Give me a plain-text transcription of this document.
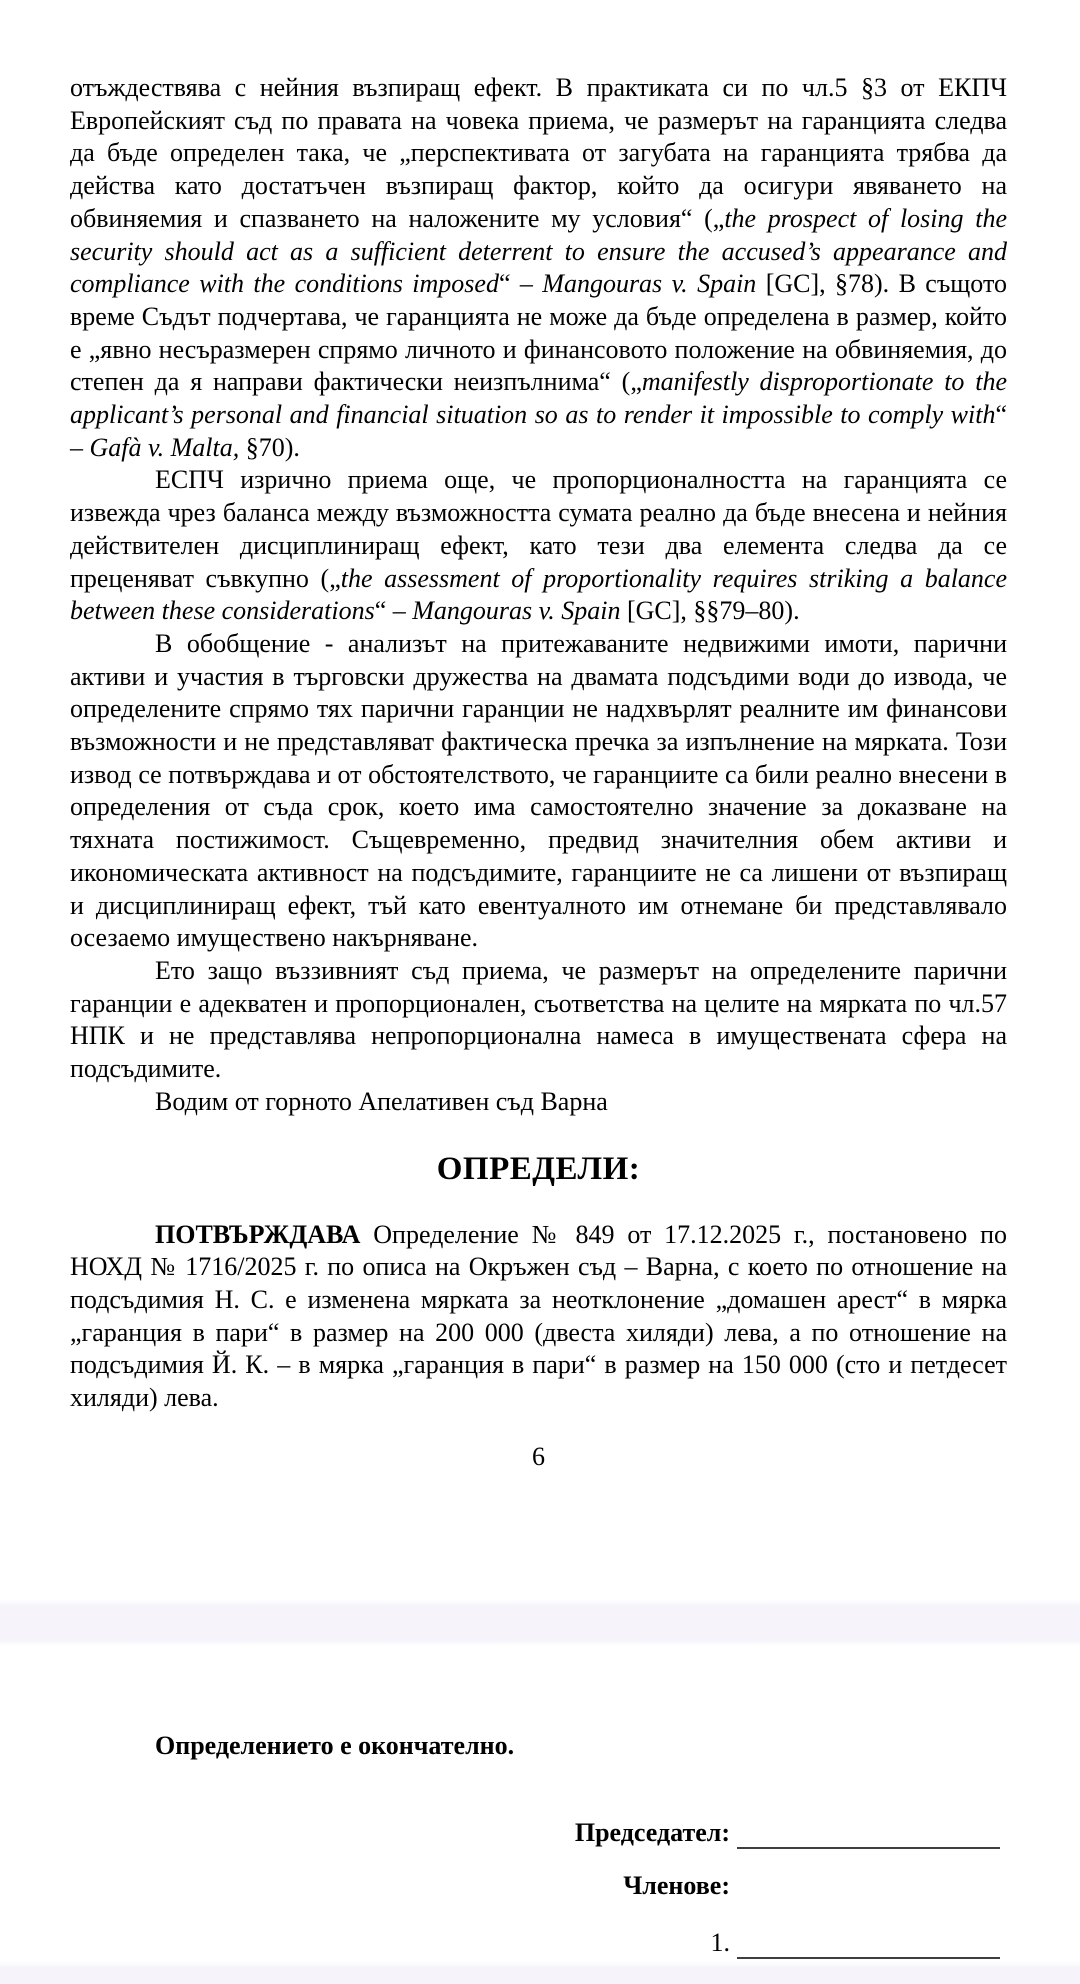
отъждествява с нейния възпиращ ефект. В практиката си по чл.5 §3 от ЕКПЧ Европейският съд по правата на човека приема, че размерът на гаранцията следва да бъде определен така, че „перспективата от загубата на гаранцията трябва да действа като достатъчен възпиращ фактор, който да осигури явяването на обвиняемия и спазването на наложените му условия“ („the prospect of losing the security should act as a sufficient deterrent to ensure the accused’s appearance and compliance with the conditions imposed“ – Mangouras v. Spain [GC], §78). В същото време Съдът подчертава, че гаранцията не може да бъде определена в размер, който е „явно несъразмерен спрямо личното и финансовото положение на обвиняемия, до степен да я направи фактически неизпълнима“ („manifestly disproportionate to the applicant’s personal and financial situation so as to render it impossible to comply with“ – Gafà v. Malta, §70).

ЕСПЧ изрично приема още, че пропорционалността на гаранцията се извежда чрез баланса между възможността сумата реално да бъде внесена и нейния действителен дисциплиниращ ефект, като тези два елемента следва да се преценяват съвкупно („the assessment of proportionality requires striking a balance between these considerations“ – Mangouras v. Spain [GC], §§79–80).

В обобщение - анализът на притежаваните недвижими имоти, парични активи и участия в търговски дружества на двамата подсъдими води до извода, че определените спрямо тях парични гаранции не надхвърлят реалните им финансови възможности и не представляват фактическа пречка за изпълнение на мярката. Този извод се потвърждава и от обстоятелството, че гаранциите са били реално внесени в определения от съда срок, което има самостоятелно значение за доказване на тяхната постижимост. Същевременно, предвид значителния обем активи и икономическата активност на подсъдимите, гаранциите не са лишени от възпиращ и дисциплиниращ ефект, тъй като евентуалното им отнемане би представлявало осезаемо имуществено накърняване.

Ето защо въззивният съд приема, че размерът на определените парични гаранции е адекватен и пропорционален, съответства на целите на мярката по чл.57 НПК и не представлява непропорционална намеса в имуществената сфера на подсъдимите.

Водим от горното Апелативен съд Варна

ОПРЕДЕЛИ:

ПОТВЪРЖДАВА Определение № 849 от 17.12.2025 г., постановено по НОХД № 1716/2025 г. по описа на Окръжен съд – Варна, с което по отношение на подсъдимия Н. С. е изменена мярката за неотклонение „домашен арест“ в мярка „гаранция в пари“ в размер на 200 000 (двеста хиляди) лева, а по отношение на подсъдимия Й. К. – в мярка „гаранция в пари“ в размер на 150 000 (сто и петдесет хиляди) лева.

6

Определението е окончателно.

Председател:
Членове:
1.
